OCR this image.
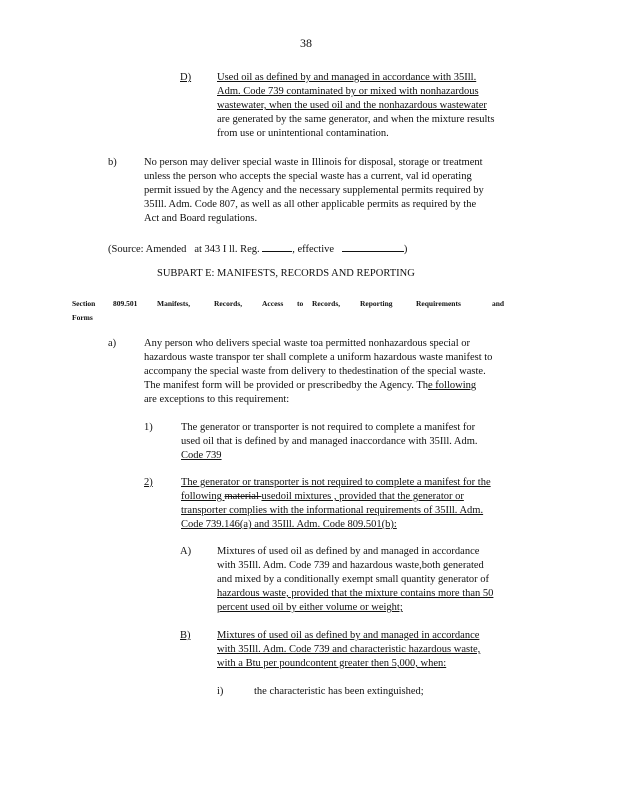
38
D) Used oil as defined by and managed in accordance with 35Ill.
Adm. Code 739 contaminated by or mixed with nonhazardous
wastewater, when the used oil and the nonhazardous wastewater
are generated by the same generator, and when the mixture results
from use or unintentional contamination.
b)	No person may deliver special waste in Illinois for disposal, storage or treatment
unless the person who accepts the special waste has a current, val id operating
permit issued by the Agency and the necessary supplemental permits required by
35Ill. Adm. Code 807, as well as all other applicable permits as required by the
Act and Board regulations.
(Source: Amended at 343 I ll. Reg.	, effective	)
SUBPART E: MANIFESTS, RECORDS AND REPORTING
Section 809.501	Manifests,	Records,	Access to Records,	Reporting	Requirements	and
Forms
a)	Any person who delivers special waste toa permitted nonhazardous special or
hazardous waste transpor ter shall complete a uniform hazardous waste manifest to
accompany the special waste from delivery to thedestination of the special waste.
The manifest form will be provided or prescribedby the Agency. The following
are exceptions to this requirement:
1)	The generator or transporter is not required to complete a manifest for
used oil that is defined by and managed inaccordance with 35Ill. Adm.
Code 739
2)	The generator or transporter is not required to complete a manifest for the
following material usedoil mixtures , provided that the generator or
transporter complies with the informational requirements of 35Ill. Adm.
Code 739.146(a) and 35Ill. Adm. Code 809.501(b):
A) Mixtures of used oil as defined by and managed in accordance
with 35Ill. Adm. Code 739 and hazardous waste,both generated
and mixed by a conditionally exempt small quantity generator of
hazardous waste, provided that the mixture contains more than 50
percent used oil by either volume or weight;
B)	Mixtures of used oil as defined by and managed in accordance
with 35Ill. Adm. Code 739 and characteristic hazardous waste,
with a Btu per poundcontent greater then 5,000, when:
i)	the characteristic has been extinguished;
